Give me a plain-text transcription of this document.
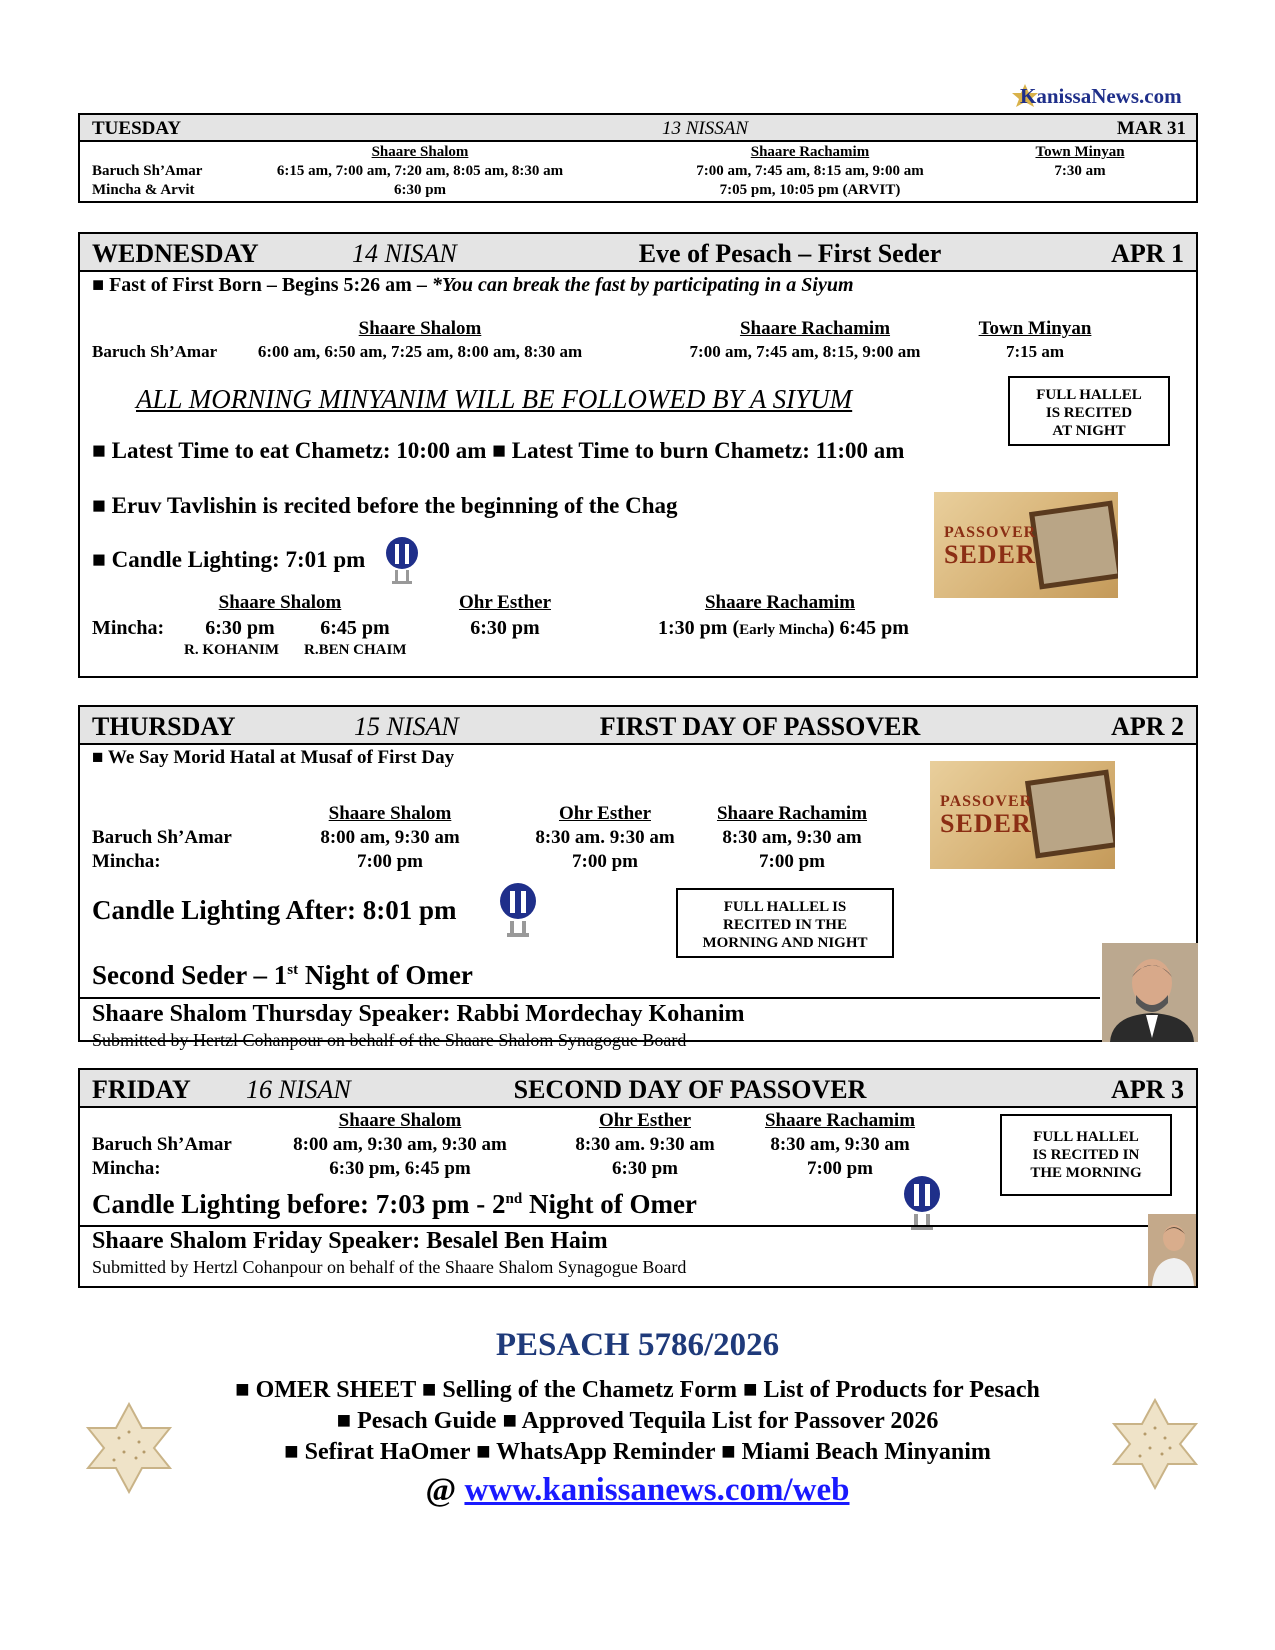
KanissaNews.com
TUESDAY	13 NISSAN	MAR 31
Shaare Shalom	Shaare Rachamim	Town Minyan
Baruch Sh’Amar	6:15 am, 7:00 am, 7:20 am, 8:05 am, 8:30 am	7:00 am, 7:45 am, 8:15 am, 9:00 am	7:30 am
Mincha & Arvit	6:30 pm	7:05 pm, 10:05 pm (ARVIT)
WEDNESDAY	14 NISAN	Eve of Pesach – First Seder	APR 1
■ Fast of First Born – Begins 5:26 am – *You can break the fast by participating in a Siyum
Shaare Shalom	Shaare Rachamim	Town Minyan
Baruch Sh’Amar	6:00 am, 6:50 am, 7:25 am, 8:00 am, 8:30 am	7:00 am, 7:45 am, 8:15, 9:00 am	7:15 am
ALL MORNING MINYANIM WILL BE FOLLOWED BY A SIYUM	FULL HALLEL
IS RECITED
AT NIGHT
■ Latest Time to eat Chametz: 10:00 am ■ Latest Time to burn Chametz: 11:00 am
■ Eruv Tavlishin is recited before the beginning of the Chag
■ Candle Lighting: 7:01 pm
PASSOVER
SEDER
Shaare Shalom	Ohr Esther	Shaare Rachamim
Mincha:	6:30 pm	6:45 pm	6:30 pm	1:30 pm (Early Mincha) 6:45 pm
R. KOHANIM R.BEN CHAIM
THURSDAY	15 NISAN	FIRST DAY OF PASSOVER	APR 2
■ We Say Morid Hatal at Musaf of First Day
PASSOVER
SEDER
Shaare Shalom	Ohr Esther	Shaare Rachamim
Baruch Sh’Amar	8:00 am, 9:30 am	8:30 am. 9:30 am	8:30 am, 9:30 am
Mincha:	7:00 pm	7:00 pm	7:00 pm
Candle Lighting After: 8:01 pm	FULL HALLEL IS
RECITED IN THE
MORNING AND NIGHT
Second Seder – 1st Night of Omer
Shaare Shalom Thursday Speaker: Rabbi Mordechay Kohanim
Submitted by Hertzl Cohanpour on behalf of the Shaare Shalom Synagogue Board
FRIDAY 16 NISAN	SECOND DAY OF PASSOVER	APR 3
Shaare Shalom	Ohr Esther	Shaare Rachamim
Baruch Sh’Amar	8:00 am, 9:30 am, 9:30 am	8:30 am. 9:30 am	8:30 am, 9:30 am
Mincha:	6:30 pm, 6:45 pm	6:30 pm	7:00 pm
FULL HALLEL
IS RECITED IN
THE MORNING
Candle Lighting before: 7:03 pm - 2nd Night of Omer
Shaare Shalom Friday Speaker: Besalel Ben Haim
Submitted by Hertzl Cohanpour on behalf of the Shaare Shalom Synagogue Board
PESACH 5786/2026
■ OMER SHEET ■ Selling of the Chametz Form ■ List of Products for Pesach
■ Pesach Guide ■ Approved Tequila List for Passover 2026
■ Sefirat HaOmer ■ WhatsApp Reminder ■ Miami Beach Minyanim
@ www.kanissanews.com/web
